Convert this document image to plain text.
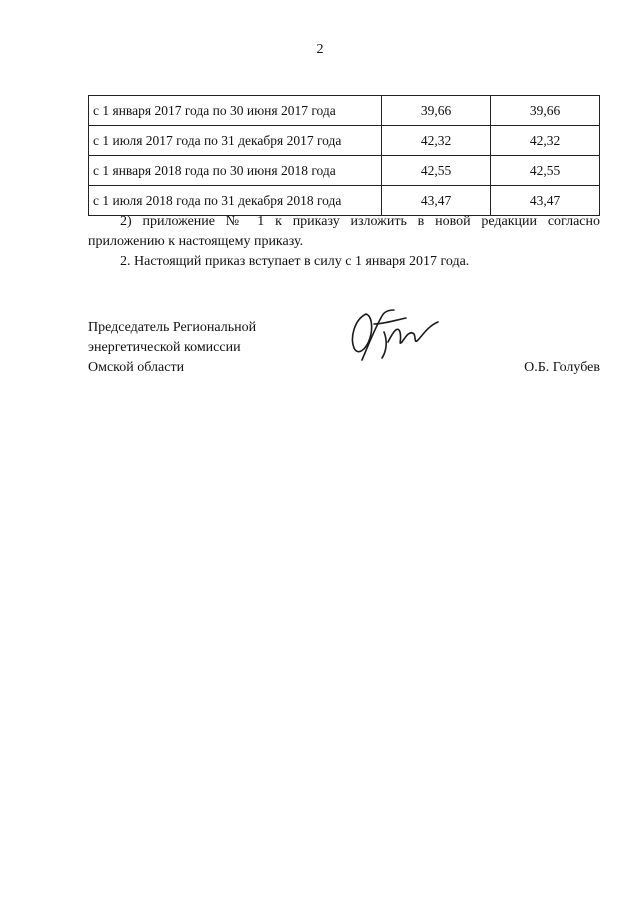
2
с 1 января 2017 года по 30 июня 2017 года	39,66	39,66
с 1 июля 2017 года по 31 декабря 2017 года	42,32	42,32
с 1 января 2018 года по 30 июня 2018 года	42,55	42,55
с 1 июля 2018 года по 31 декабря 2018 года	43,47	43,47
2) приложение № 1 к приказу изложить в новой редакции согласно
приложению к настоящему приказу.
2. Настоящий приказ вступает в силу с 1 января 2017 года.
Председатель Региональной
энергетической комиссии
Омской области	О.Б. Голубев
